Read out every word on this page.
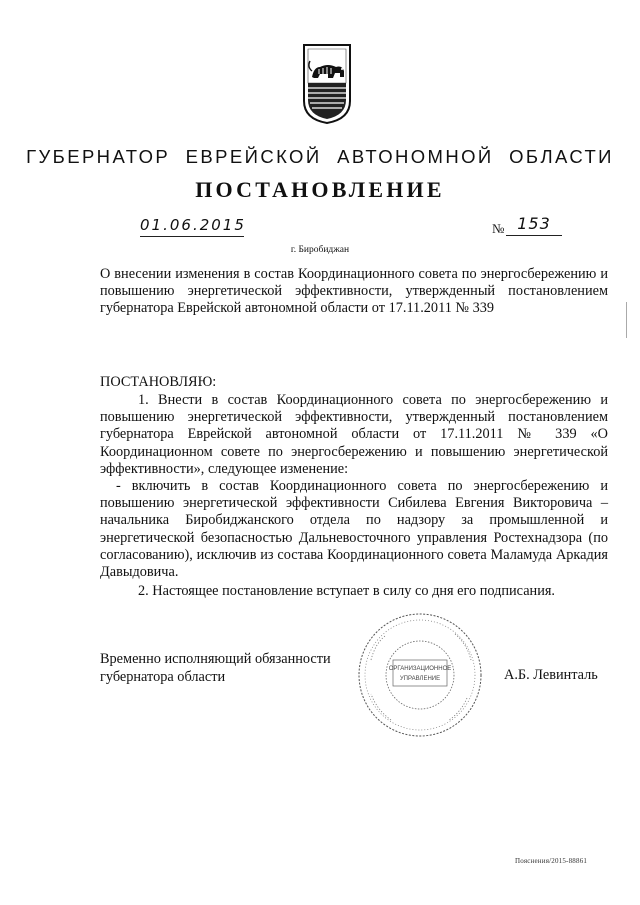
ГУБЕРНАТОР ЕВРЕЙСКОЙ АВТОНОМНОЙ ОБЛАСТИ
ПОСТАНОВЛЕНИЕ
01.06.2015	№ 153
г. Биробиджан
О внесении изменения в состав Координационного совета по энергосбережению и повышению энергетической эффективности, утвержденный постановлением губернатора Еврейской автономной области от 17.11.2011 № 339
ПОСТАНОВЛЯЮ:
1. Внести в состав Координационного совета по энергосбережению и повышению энергетической эффективности, утвержденный постановлением губернатора Еврейской автономной области от 17.11.2011 № 339 «О Координационном совете по энергосбережению и повышению энергетической эффективности», следующее изменение:
- включить в состав Координационного совета по энергосбережению и повышению энергетической эффективности Сибилева Евгения Викторовича – начальника Биробиджанского отдела по надзору за промышленной и энергетической безопасностью Дальневосточного управления Ростехнадзора (по согласованию), исключив из состава Координационного совета Маламуда Аркадия Давыдовича.
2. Настоящее постановление вступает в силу со дня его подписания.
Временно исполняющий обязанности
губернатора области	А.Б. Левинталь
ОРГАНИЗАЦИОННОЕ
УПРАВЛЕНИЕ
Пояснения/2015-88861
